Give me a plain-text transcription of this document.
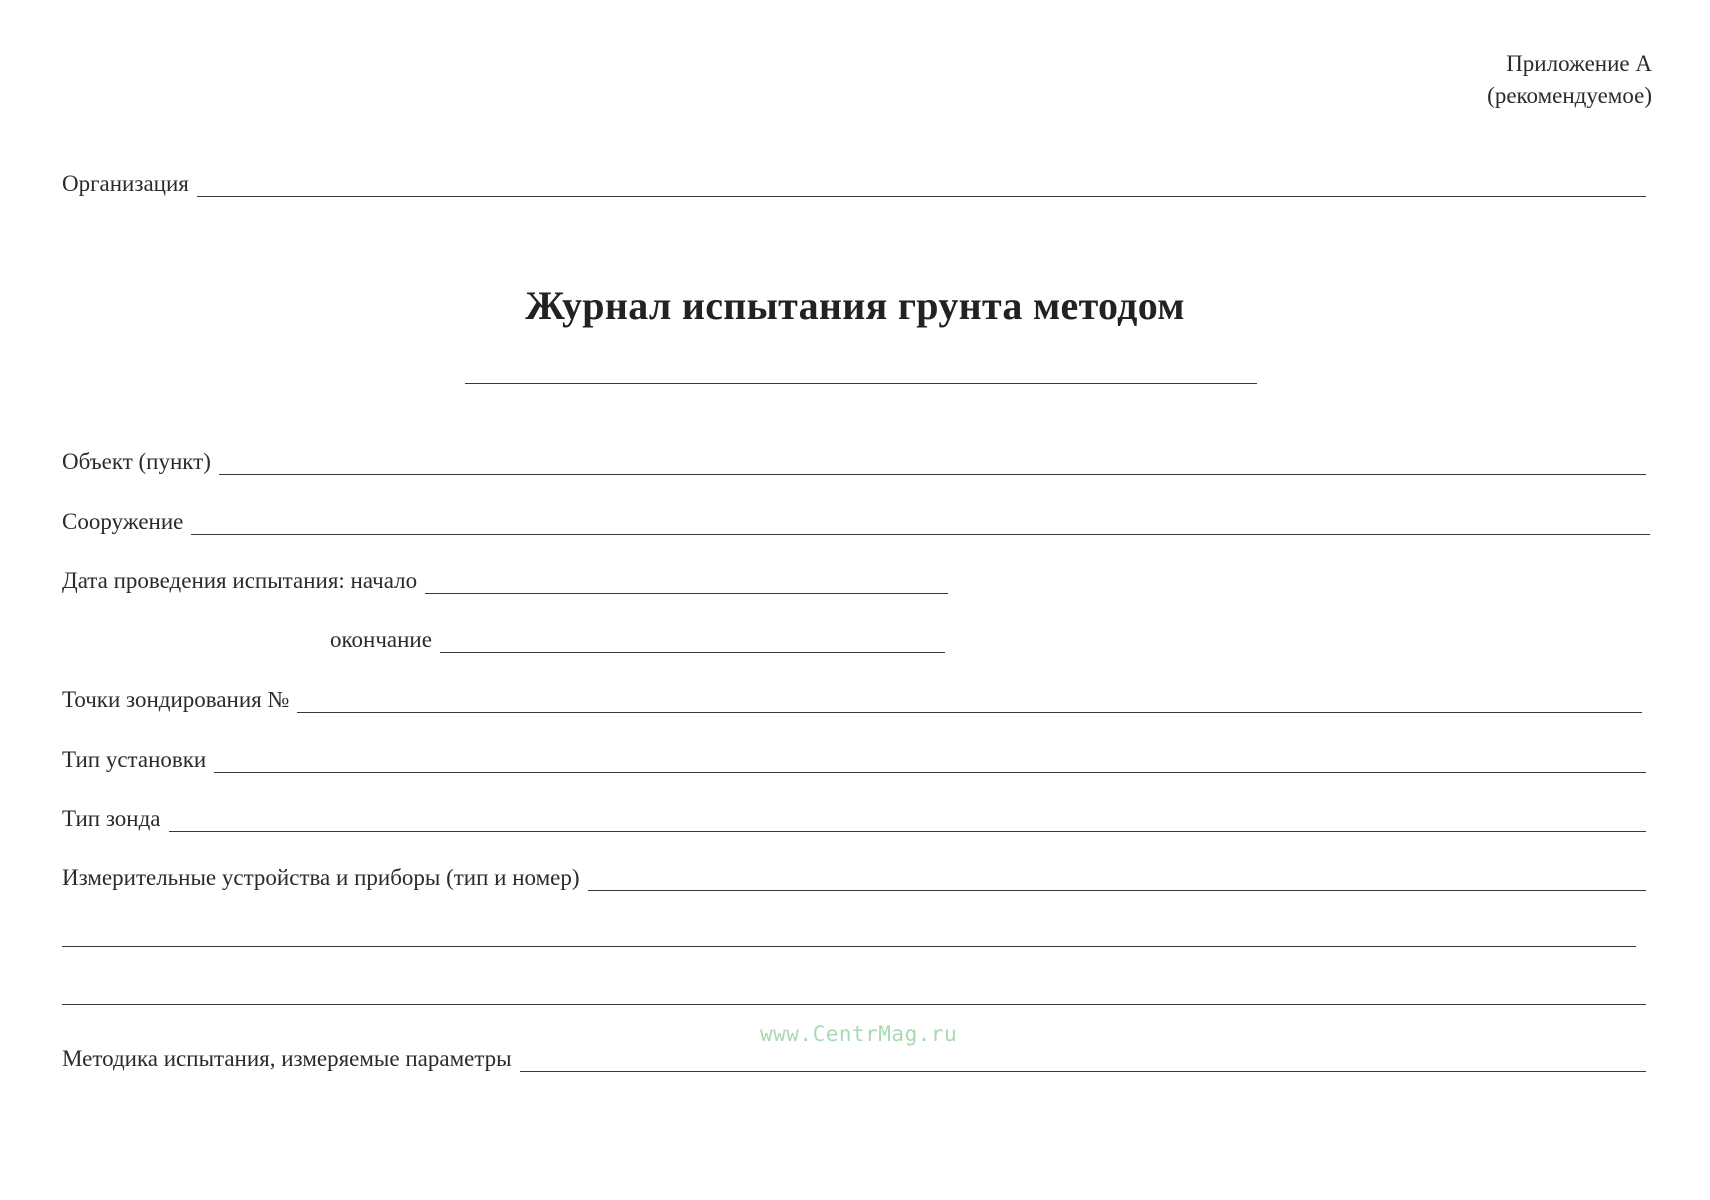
Приложение А
(рекомендуемое)
Организация
Журнал испытания грунта методом
Объект (пункт)
Сооружение
Дата проведения испытания: начало
окончание
Точки зондирования №
Тип установки
Тип зонда
Измерительные устройства и приборы (тип и номер)
www.CentrMag.ru
Методика испытания, измеряемые параметры
